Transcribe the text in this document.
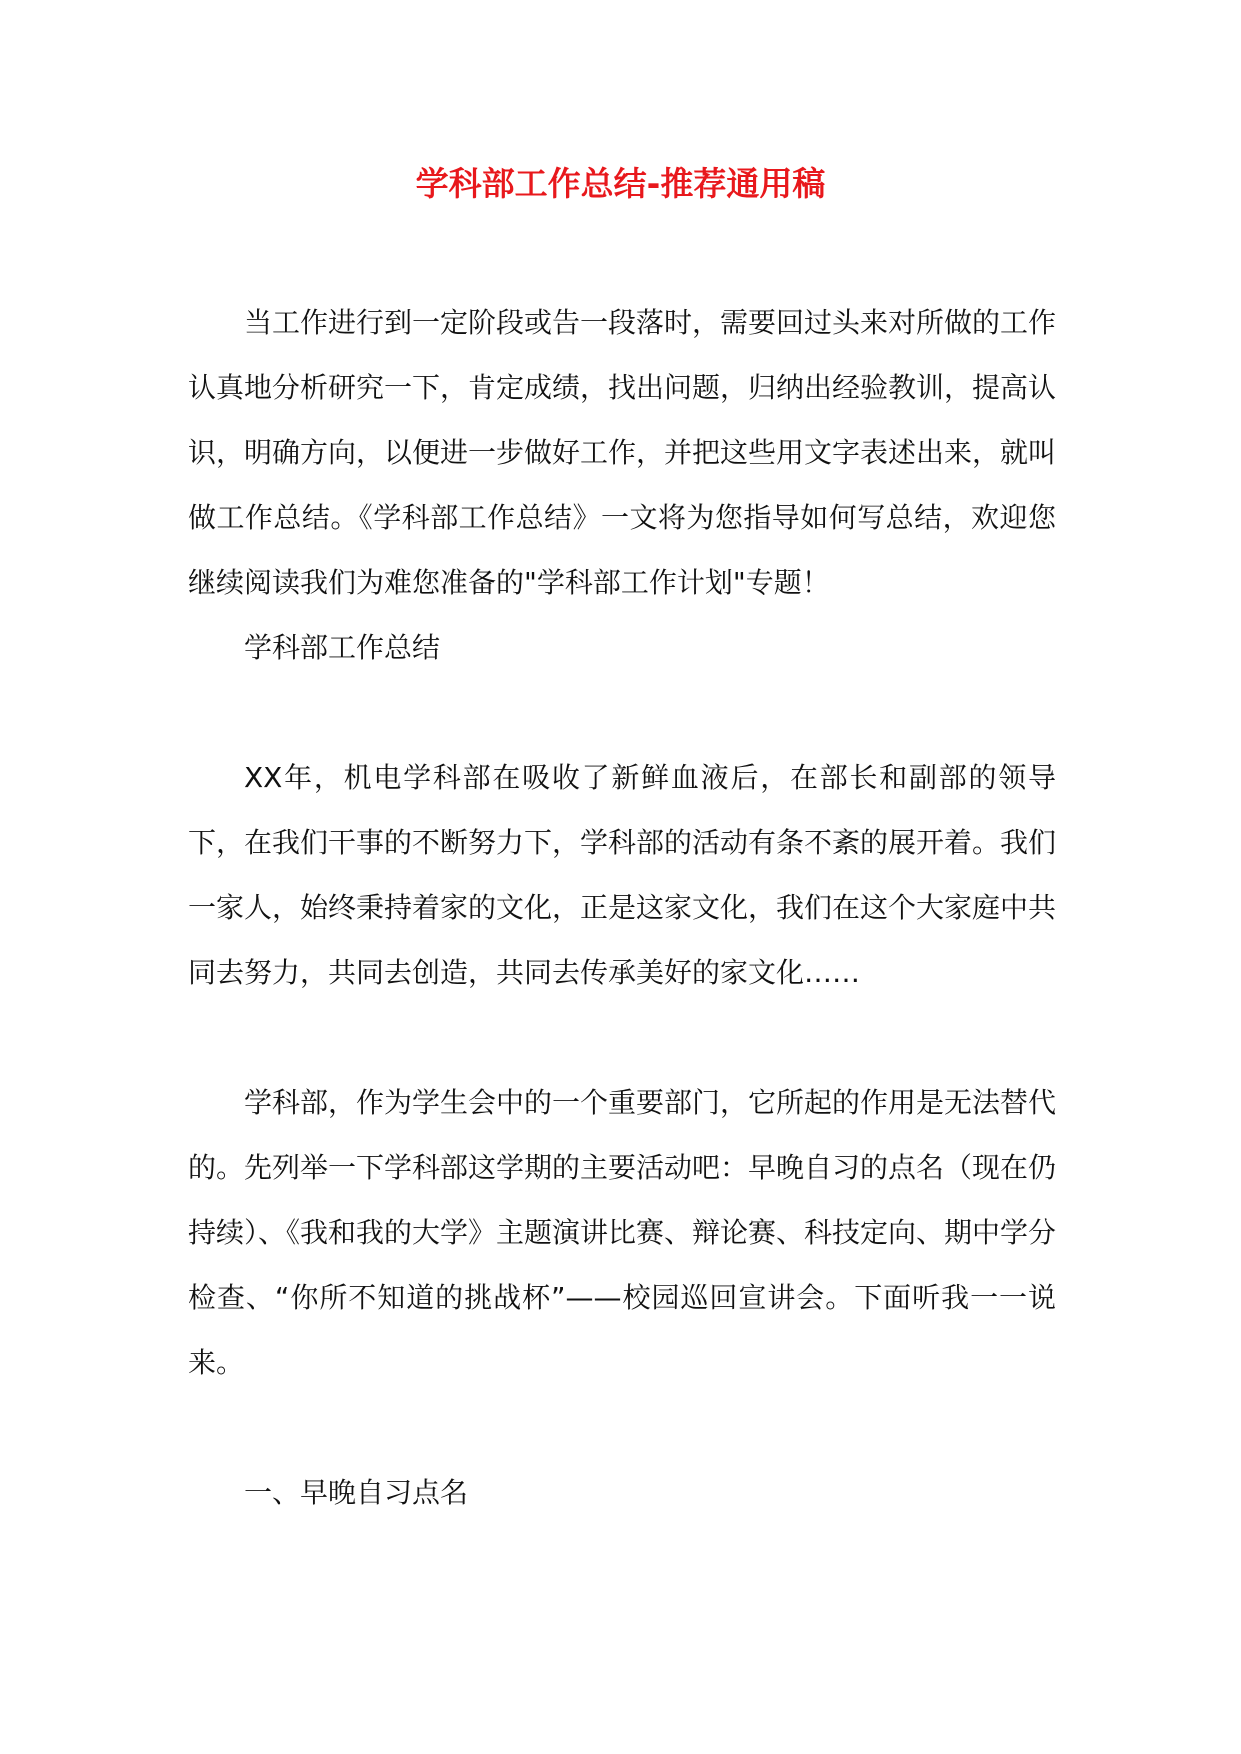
学科部工作总结-推荐通用稿

当工作进行到一定阶段或告一段落时，需要回过头来对所做的工作认真地分析研究一下，肯定成绩，找出问题，归纳出经验教训，提高认识，明确方向，以便进一步做好工作，并把这些用文字表述出来，就叫做工作总结。《学科部工作总结》一文将为您指导如何写总结，欢迎您继续阅读我们为难您准备的"学科部工作计划"专题！

学科部工作总结

XX年，机电学科部在吸收了新鲜血液后，在部长和副部的领导下，在我们干事的不断努力下，学科部的活动有条不紊的展开着。我们一家人，始终秉持着家的文化，正是这家文化，我们在这个大家庭中共同去努力，共同去创造，共同去传承美好的家文化……

学科部，作为学生会中的一个重要部门，它所起的作用是无法替代的。先列举一下学科部这学期的主要活动吧：早晚自习的点名（现在仍持续）、《我和我的大学》主题演讲比赛、辩论赛、科技定向、期中学分检查、“你所不知道的挑战杯”——校园巡回宣讲会。下面听我一一说来。

一、早晚自习点名
